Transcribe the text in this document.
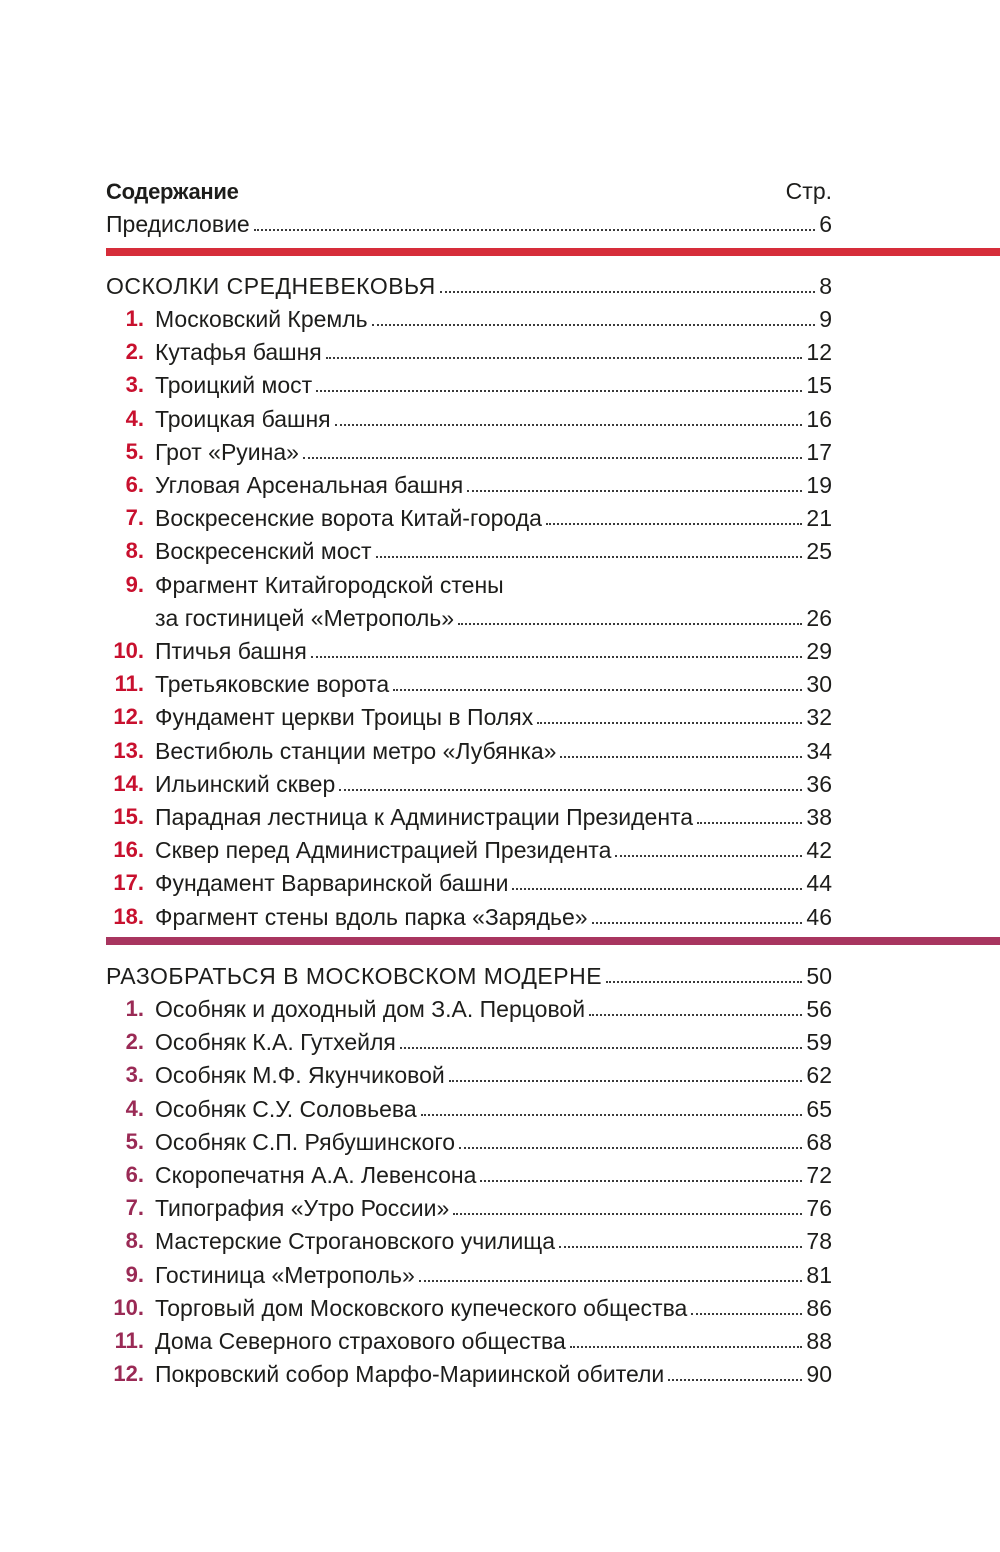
Содержание	Стр.
Предисловие	6
ОСКОЛКИ СРЕДНЕВЕКОВЬЯ	8
1. Московский Кремль	9
2. Кутафья башня	12
3. Троицкий мост	15
4. Троицкая башня	16
5. Грот «Руина»	17
6. Угловая Арсенальная башня	19
7. Воскресенские ворота Китай-города	21
8. Воскресенский мост	25
9. Фрагмент Китайгородской стены
за гостиницей «Метрополь»	26
10. Птичья башня	29
11. Третьяковские ворота	30
12. Фундамент церкви Троицы в Полях	32
13. Вестибюль станции метро «Лубянка»	34
14. Ильинский сквер	36
15. Парадная лестница к Администрации Президента	38
16. Сквер перед Администрацией Президента	42
17. Фундамент Варваринской башни	44
18. Фрагмент стены вдоль парка «Зарядье»	46
РАЗОБРАТЬСЯ В МОСКОВСКОМ МОДЕРНЕ	50
1. Особняк и доходный дом З.А. Перцовой	56
2. Особняк К.А. Гутхейля	59
3. Особняк М.Ф. Якунчиковой	62
4. Особняк С.У. Соловьева	65
5. Особняк С.П. Рябушинского	68
6. Скоропечатня А.А. Левенсона	72
7. Типография «Утро России»	76
8. Мастерские Строгановского училища	78
9. Гостиница «Метрополь»	81
10. Торговый дом Московского купеческого общества	86
11. Дома Северного страхового общества	88
12. Покровский собор Марфо-Мариинской обители	90
